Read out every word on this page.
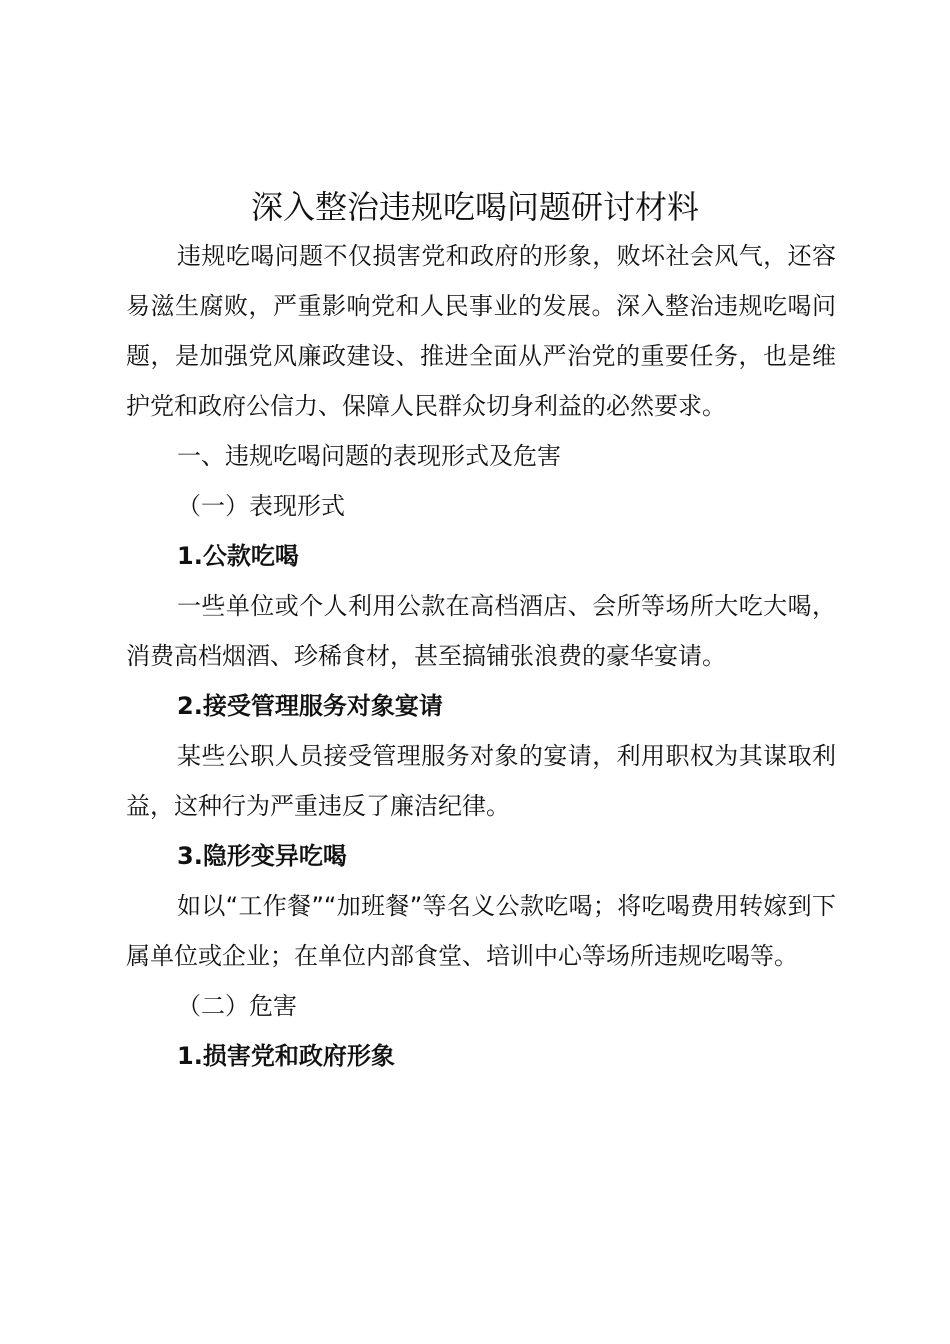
深入整治违规吃喝问题研讨材料

违规吃喝问题不仅损害党和政府的形象，败坏社会风气，还容易滋生腐败，严重影响党和人民事业的发展。深入整治违规吃喝问题，是加强党风廉政建设、推进全面从严治党的重要任务，也是维护党和政府公信力、保障人民群众切身利益的必然要求。

一、违规吃喝问题的表现形式及危害

（一）表现形式

1.公款吃喝

一些单位或个人利用公款在高档酒店、会所等场所大吃大喝，消费高档烟酒、珍稀食材，甚至搞铺张浪费的豪华宴请。

2.接受管理服务对象宴请

某些公职人员接受管理服务对象的宴请，利用职权为其谋取利益，这种行为严重违反了廉洁纪律。

3.隐形变异吃喝

如以“工作餐”“加班餐”等名义公款吃喝；将吃喝费用转嫁到下属单位或企业；在单位内部食堂、培训中心等场所违规吃喝等。

（二）危害

1.损害党和政府形象
